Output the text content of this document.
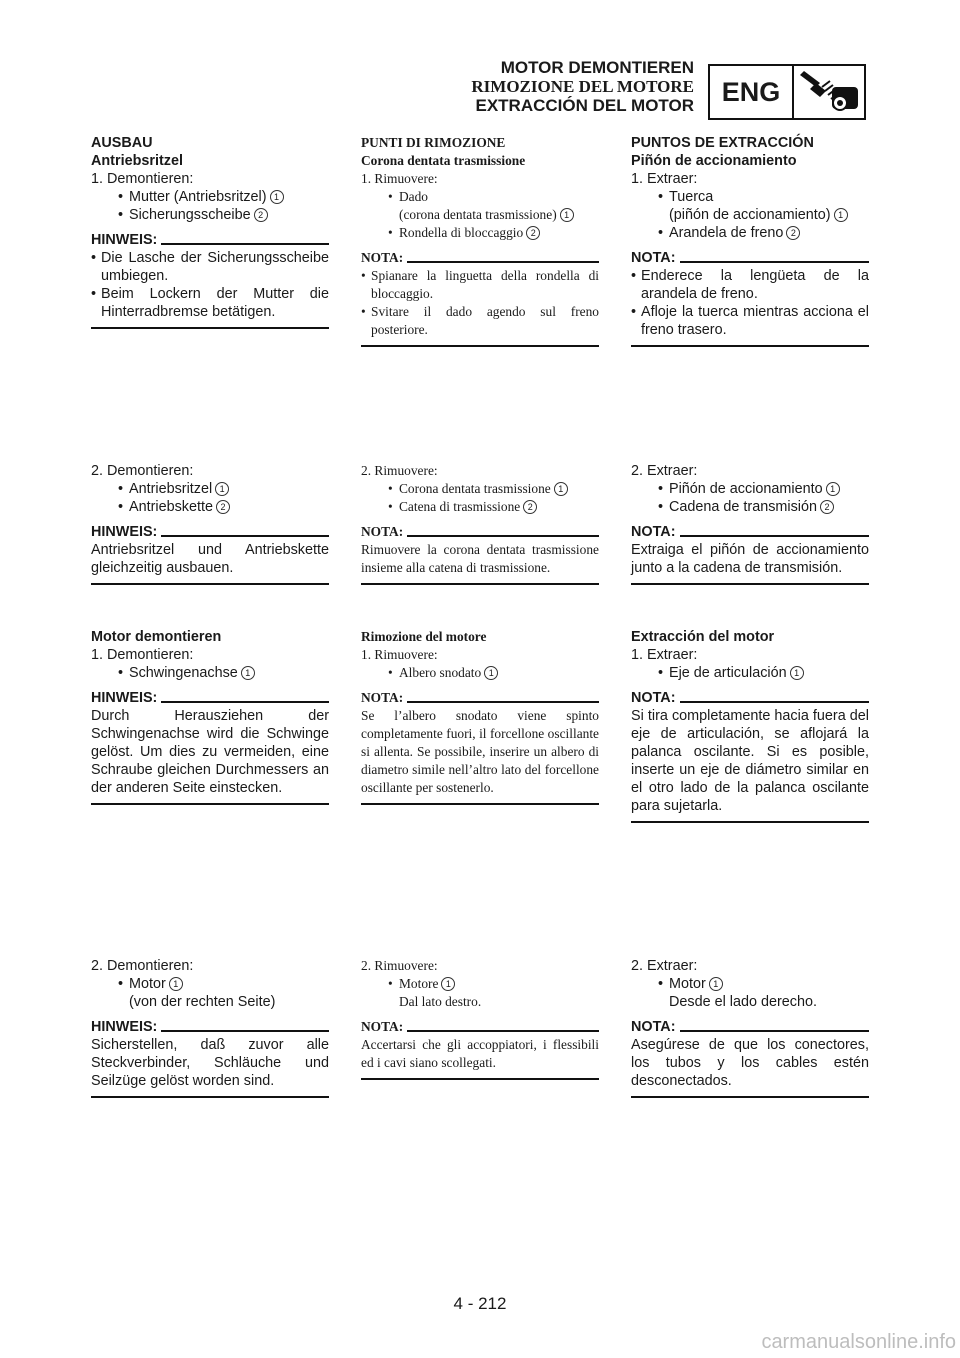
MOTOR DEMONTIEREN
RIMOZIONE DEL MOTORE
EXTRACCIÓN DEL MOTOR	ENG
AUSBAU
Antriebsritzel
1. Demontieren:
• Mutter (Antriebsritzel) 1
• Sicherungsscheibe 2
HINWEIS:
• Die Lasche der Sicherungsscheibe umbiegen.
• Beim Lockern der Mutter die Hinterradbremse betätigen.
2. Demontieren:
• Antriebsritzel 1
• Antriebskette 2
HINWEIS:
Antriebsritzel und Antriebskette gleichzeitig ausbauen.
Motor demontieren
1. Demontieren:
• Schwingenachse 1
HINWEIS:
Durch Herausziehen der Schwingenachse wird die Schwinge gelöst. Um dies zu vermeiden, eine Schraube gleichen Durchmessers an der anderen Seite einstecken.
2. Demontieren:
• Motor 1
(von der rechten Seite)
HINWEIS:
Sicherstellen, daß zuvor alle Steckverbinder, Schläuche und Seilzüge gelöst worden sind.
PUNTI DI RIMOZIONE
Corona dentata trasmissione
1. Rimuovere:
• Dado
(corona dentata trasmissione) 1
• Rondella di bloccaggio 2
NOTA:
• Spianare la linguetta della rondella di bloccaggio.
• Svitare il dado agendo sul freno posteriore.
2. Rimuovere:
• Corona dentata trasmissione 1
• Catena di trasmissione 2
NOTA:
Rimuovere la corona dentata trasmissione insieme alla catena di trasmissione.
Rimozione del motore
1. Rimuovere:
• Albero snodato 1
NOTA:
Se l’albero snodato viene spinto completamente fuori, il forcellone oscillante si allenta. Se possibile, inserire un albero di diametro simile nell’altro lato del forcellone oscillante per sostenerlo.
2. Rimuovere:
• Motore 1
Dal lato destro.
NOTA:
Accertarsi che gli accoppiatori, i flessibili ed i cavi siano scollegati.
PUNTOS DE EXTRACCIÓN
Piñón de accionamiento
1. Extraer:
• Tuerca
(piñón de accionamiento) 1
• Arandela de freno 2
NOTA:
• Enderece la lengüeta de la arandela de freno.
• Afloje la tuerca mientras acciona el freno trasero.
2. Extraer:
• Piñón de accionamiento 1
• Cadena de transmisión 2
NOTA:
Extraiga el piñón de accionamiento junto a la cadena de transmisión.
Extracción del motor
1. Extraer:
• Eje de articulación 1
NOTA:
Si tira completamente hacia fuera del eje de articulación, se aflojará la palanca oscilante. Si es posible, inserte un eje de diámetro similar en el otro lado de la palanca oscilante para sujetarla.
2. Extraer:
• Motor 1
Desde el lado derecho.
NOTA:
Asegúrese de que los conectores, los tubos y los cables estén desconectados.
4 - 212
carmanualsonline.info
